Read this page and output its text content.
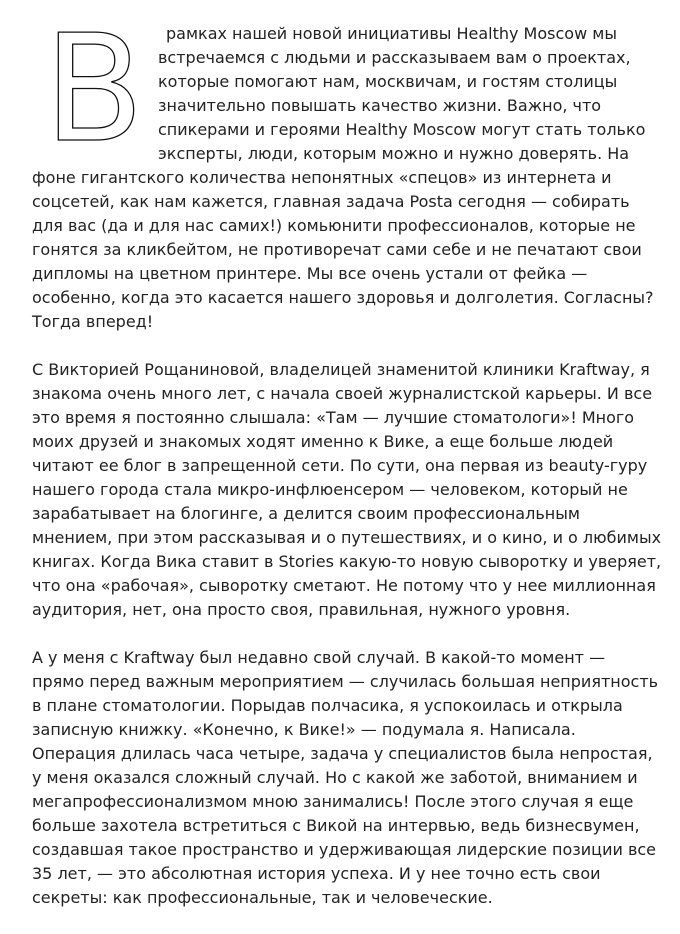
В рамках нашей новой инициативы Healthy Moscow мы встречаемся с людьми и рассказываем вам о проектах, которые помогают нам, москвичам, и гостям столицы значительно повышать качество жизни. Важно, что спикерами и героями Healthy Moscow могут стать только эксперты, люди, которым можно и нужно доверять. На фоне гигантского количества непонятных «спецов» из интернета и соцсетей, как нам кажется, главная задача Posta сегодня — собирать для вас (да и для нас самих!) комьюнити профессионалов, которые не гонятся за кликбейтом, не противоречат сами себе и не печатают свои дипломы на цветном принтере. Мы все очень устали от фейка — особенно, когда это касается нашего здоровья и долголетия. Согласны? Тогда вперед!

С Викторией Рощаниновой, владелицей знаменитой клиники Kraftway, я знакома очень много лет, с начала своей журналистской карьеры. И все это время я постоянно слышала: «Там — лучшие стоматологи»! Много моих друзей и знакомых ходят именно к Вике, а еще больше людей читают ее блог в запрещенной сети. По сути, она первая из beauty-гуру нашего города стала микро-инфлюенсером — человеком, который не зарабатывает на блогинге, а делится своим профессиональным мнением, при этом рассказывая и о путешествиях, и о кино, и о любимых книгах. Когда Вика ставит в Stories какую-то новую сыворотку и уверяет, что она «рабочая», сыворотку сметают. Не потому что у нее миллионная аудитория, нет, она просто своя, правильная, нужного уровня.

А у меня с Kraftway был недавно свой случай. В какой-то момент — прямо перед важным мероприятием — случилась большая неприятность в плане стоматологии. Порыдав полчасика, я успокоилась и открыла записную книжку. «Конечно, к Вике!» — подумала я. Написала. Операция длилась часа четыре, задача у специалистов была непростая, у меня оказался сложный случай. Но с какой же заботой, вниманием и мегапрофессионализмом мною занимались! После этого случая я еще больше захотела встретиться с Викой на интервью, ведь бизнесвумен, создавшая такое пространство и удерживающая лидерские позиции все 35 лет, — это абсолютная история успеха. И у нее точно есть свои секреты: как профессиональные, так и человеческие.
